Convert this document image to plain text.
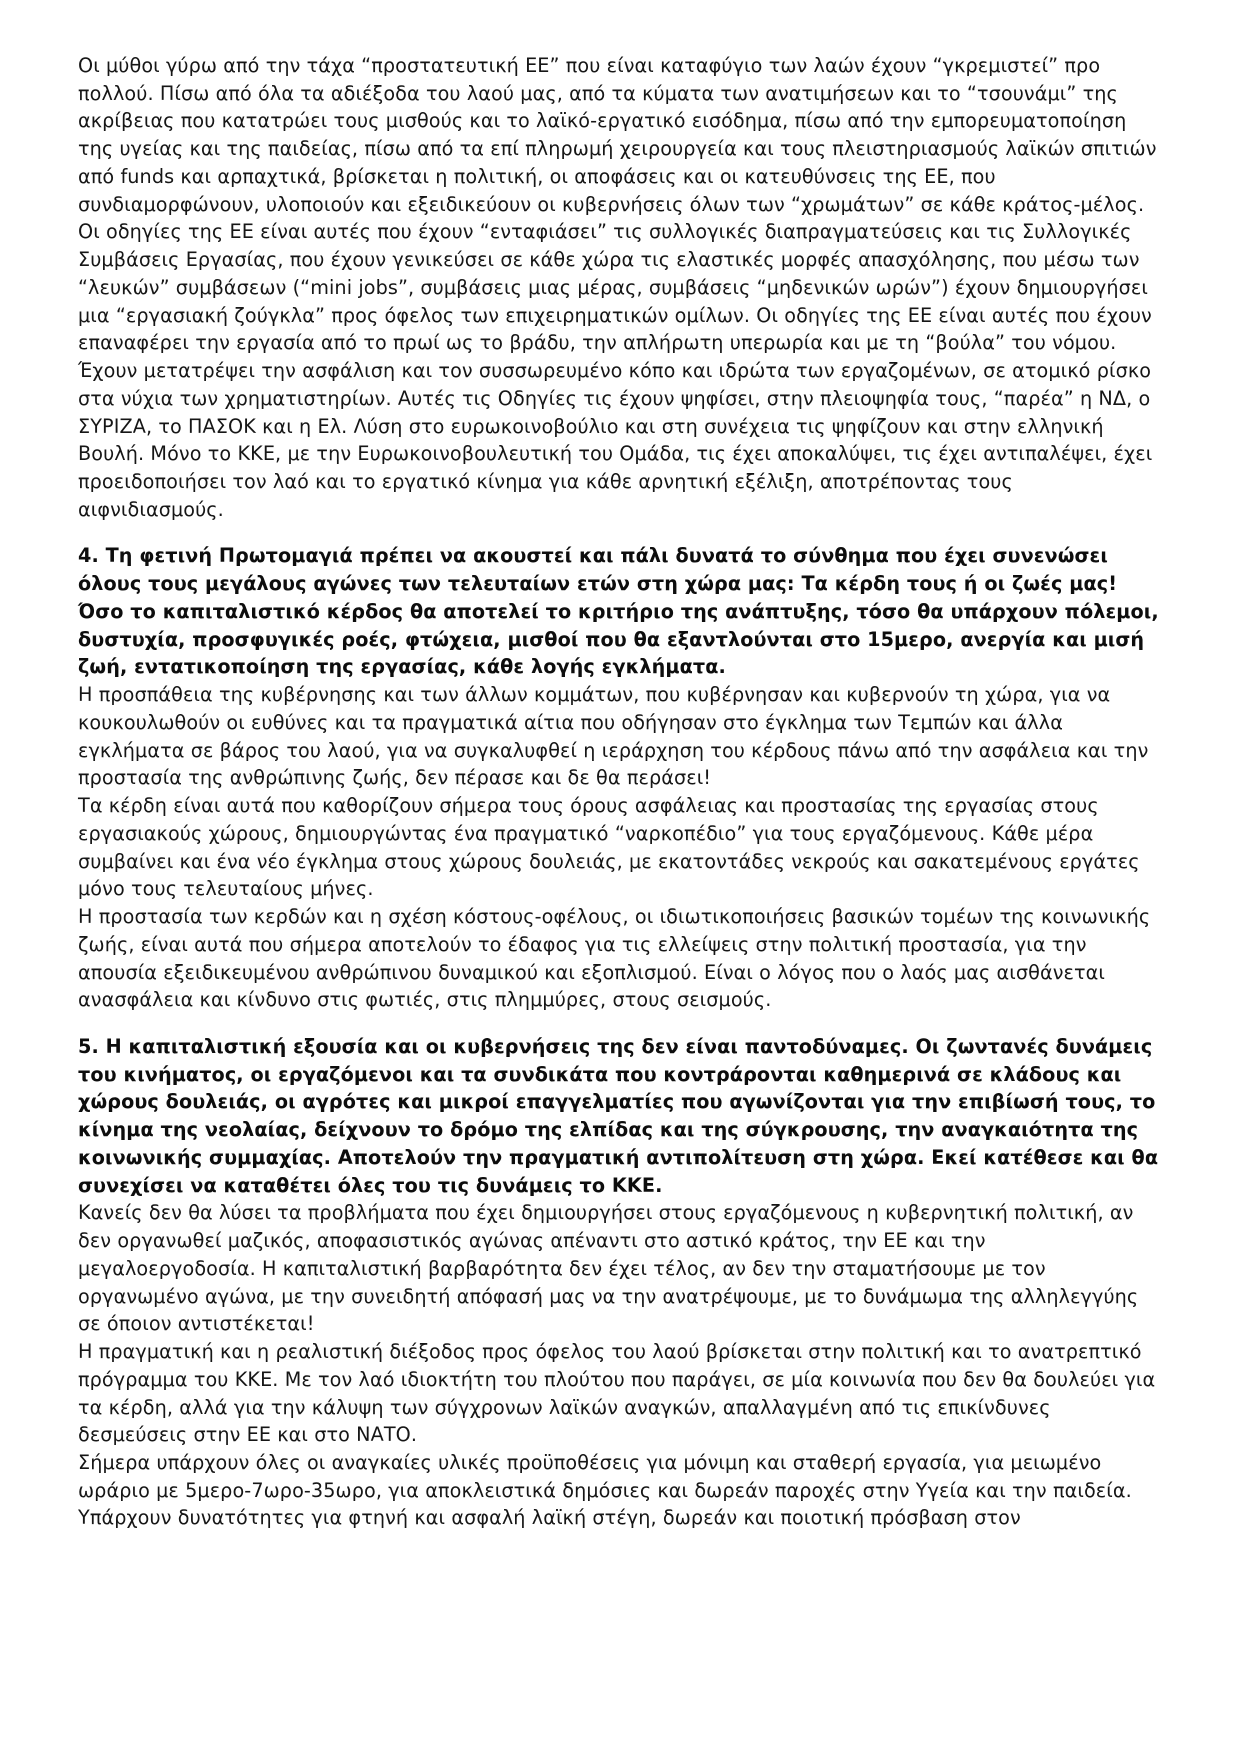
Οι μύθοι γύρω από την τάχα “προστατευτική ΕΕ” που είναι καταφύγιο των λαών έχουν “γκρεμιστεί” προ πολλού. Πίσω από όλα τα αδιέξοδα του λαού μας, από τα κύματα των ανατιμήσεων και το “τσουνάμι” της ακρίβειας που κατατρώει τους μισθούς και το λαϊκό-εργατικό εισόδημα, πίσω από την εμπορευματοποίηση της υγείας και της παιδείας, πίσω από τα επί πληρωμή χειρουργεία και τους πλειστηριασμούς λαϊκών σπιτιών από funds και αρπαχτικά, βρίσκεται η πολιτική, οι αποφάσεις και οι κατευθύνσεις της ΕΕ, που συνδιαμορφώνουν, υλοποιούν και εξειδικεύουν οι κυβερνήσεις όλων των “χρωμάτων” σε κάθε κράτος-μέλος.

Οι οδηγίες της ΕΕ είναι αυτές που έχουν “ενταφιάσει” τις συλλογικές διαπραγματεύσεις και τις Συλλογικές Συμβάσεις Εργασίας, που έχουν γενικεύσει σε κάθε χώρα τις ελαστικές μορφές απασχόλησης, που μέσω των “λευκών” συμβάσεων (“mini jobs”, συμβάσεις μιας μέρας, συμβάσεις “μηδενικών ωρών”) έχουν δημιουργήσει μια “εργασιακή ζούγκλα” προς όφελος των επιχειρηματικών ομίλων. Οι οδηγίες της ΕΕ είναι αυτές που έχουν επαναφέρει την εργασία από το πρωί ως το βράδυ, την απλήρωτη υπερωρία και με τη “βούλα” του νόμου. Έχουν μετατρέψει την ασφάλιση και τον συσσωρευμένο κόπο και ιδρώτα των εργαζομένων, σε ατομικό ρίσκο στα νύχια των χρηματιστηρίων. Αυτές τις Οδηγίες τις έχουν ψηφίσει, στην πλειοψηφία τους, “παρέα” η ΝΔ, ο ΣΥΡΙΖΑ, το ΠΑΣΟΚ και η Ελ. Λύση στο ευρωκοινοβούλιο και στη συνέχεια τις ψηφίζουν και στην ελληνική Βουλή. Μόνο το ΚΚΕ, με την Ευρωκοινοβουλευτική του Ομάδα, τις έχει αποκαλύψει, τις έχει αντιπαλέψει, έχει προειδοποιήσει τον λαό και το εργατικό κίνημα για κάθε αρνητική εξέλιξη, αποτρέποντας τους αιφνιδιασμούς.

4. Τη φετινή Πρωτομαγιά πρέπει να ακουστεί και πάλι δυνατά το σύνθημα που έχει συνενώσει όλους τους μεγάλους αγώνες των τελευταίων ετών στη χώρα μας: Τα κέρδη τους ή οι ζωές μας! Όσο το καπιταλιστικό κέρδος θα αποτελεί το κριτήριο της ανάπτυξης, τόσο θα υπάρχουν πόλεμοι, δυστυχία, προσφυγικές ροές, φτώχεια, μισθοί που θα εξαντλούνται στο 15μερο, ανεργία και μισή ζωή, εντατικοποίηση της εργασίας, κάθε λογής εγκλήματα.

Η προσπάθεια της κυβέρνησης και των άλλων κομμάτων, που κυβέρνησαν και κυβερνούν τη χώρα, για να κουκουλωθούν οι ευθύνες και τα πραγματικά αίτια που οδήγησαν στο έγκλημα των Τεμπών και άλλα εγκλήματα σε βάρος του λαού, για να συγκαλυφθεί η ιεράρχηση του κέρδους πάνω από την ασφάλεια και την προστασία της ανθρώπινης ζωής, δεν πέρασε και δε θα περάσει!

Τα κέρδη είναι αυτά που καθορίζουν σήμερα τους όρους ασφάλειας και προστασίας της εργασίας στους εργασιακούς χώρους, δημιουργώντας ένα πραγματικό “ναρκοπέδιο” για τους εργαζόμενους. Κάθε μέρα συμβαίνει και ένα νέο έγκλημα στους χώρους δουλειάς, με εκατοντάδες νεκρούς και σακατεμένους εργάτες μόνο τους τελευταίους μήνες.

Η προστασία των κερδών και η σχέση κόστους-οφέλους, οι ιδιωτικοποιήσεις βασικών τομέων της κοινωνικής ζωής, είναι αυτά που σήμερα αποτελούν το έδαφος για τις ελλείψεις στην πολιτική προστασία, για την απουσία εξειδικευμένου ανθρώπινου δυναμικού και εξοπλισμού. Είναι ο λόγος που ο λαός μας αισθάνεται ανασφάλεια και κίνδυνο στις φωτιές, στις πλημμύρες, στους σεισμούς.

5. Η καπιταλιστική εξουσία και οι κυβερνήσεις της δεν είναι παντοδύναμες. Οι ζωντανές δυνάμεις του κινήματος, οι εργαζόμενοι και τα συνδικάτα που κοντράρονται καθημερινά σε κλάδους και χώρους δουλειάς, οι αγρότες και μικροί επαγγελματίες που αγωνίζονται για την επιβίωσή τους, το κίνημα της νεολαίας, δείχνουν το δρόμο της ελπίδας και της σύγκρουσης, την αναγκαιότητα της κοινωνικής συμμαχίας. Αποτελούν την πραγματική αντιπολίτευση στη χώρα. Εκεί κατέθεσε και θα συνεχίσει να καταθέτει όλες του τις δυνάμεις το ΚΚΕ.

Κανείς δεν θα λύσει τα προβλήματα που έχει δημιουργήσει στους εργαζόμενους η κυβερνητική πολιτική, αν δεν οργανωθεί μαζικός, αποφασιστικός αγώνας απέναντι στο αστικό κράτος, την ΕΕ και την μεγαλοεργοδοσία. Η καπιταλιστική βαρβαρότητα δεν έχει τέλος, αν δεν την σταματήσουμε με τον οργανωμένο αγώνα, με την συνειδητή απόφασή μας να την ανατρέψουμε, με το δυνάμωμα της αλληλεγγύης σε όποιον αντιστέκεται!

Η πραγματική και η ρεαλιστική διέξοδος προς όφελος του λαού βρίσκεται στην πολιτική και το ανατρεπτικό πρόγραμμα του ΚΚΕ. Με τον λαό ιδιοκτήτη του πλούτου που παράγει, σε μία κοινωνία που δεν θα δουλεύει για τα κέρδη, αλλά για την κάλυψη των σύγχρονων λαϊκών αναγκών, απαλλαγμένη από τις επικίνδυνες δεσμεύσεις στην ΕΕ και στο ΝΑΤΟ.

Σήμερα υπάρχουν όλες οι αναγκαίες υλικές προϋποθέσεις για μόνιμη και σταθερή εργασία, για μειωμένο ωράριο με 5μερο-7ωρο-35ωρο, για αποκλειστικά δημόσιες και δωρεάν παροχές στην Υγεία και την παιδεία. Υπάρχουν δυνατότητες για φτηνή και ασφαλή λαϊκή στέγη, δωρεάν και ποιοτική πρόσβαση στον
